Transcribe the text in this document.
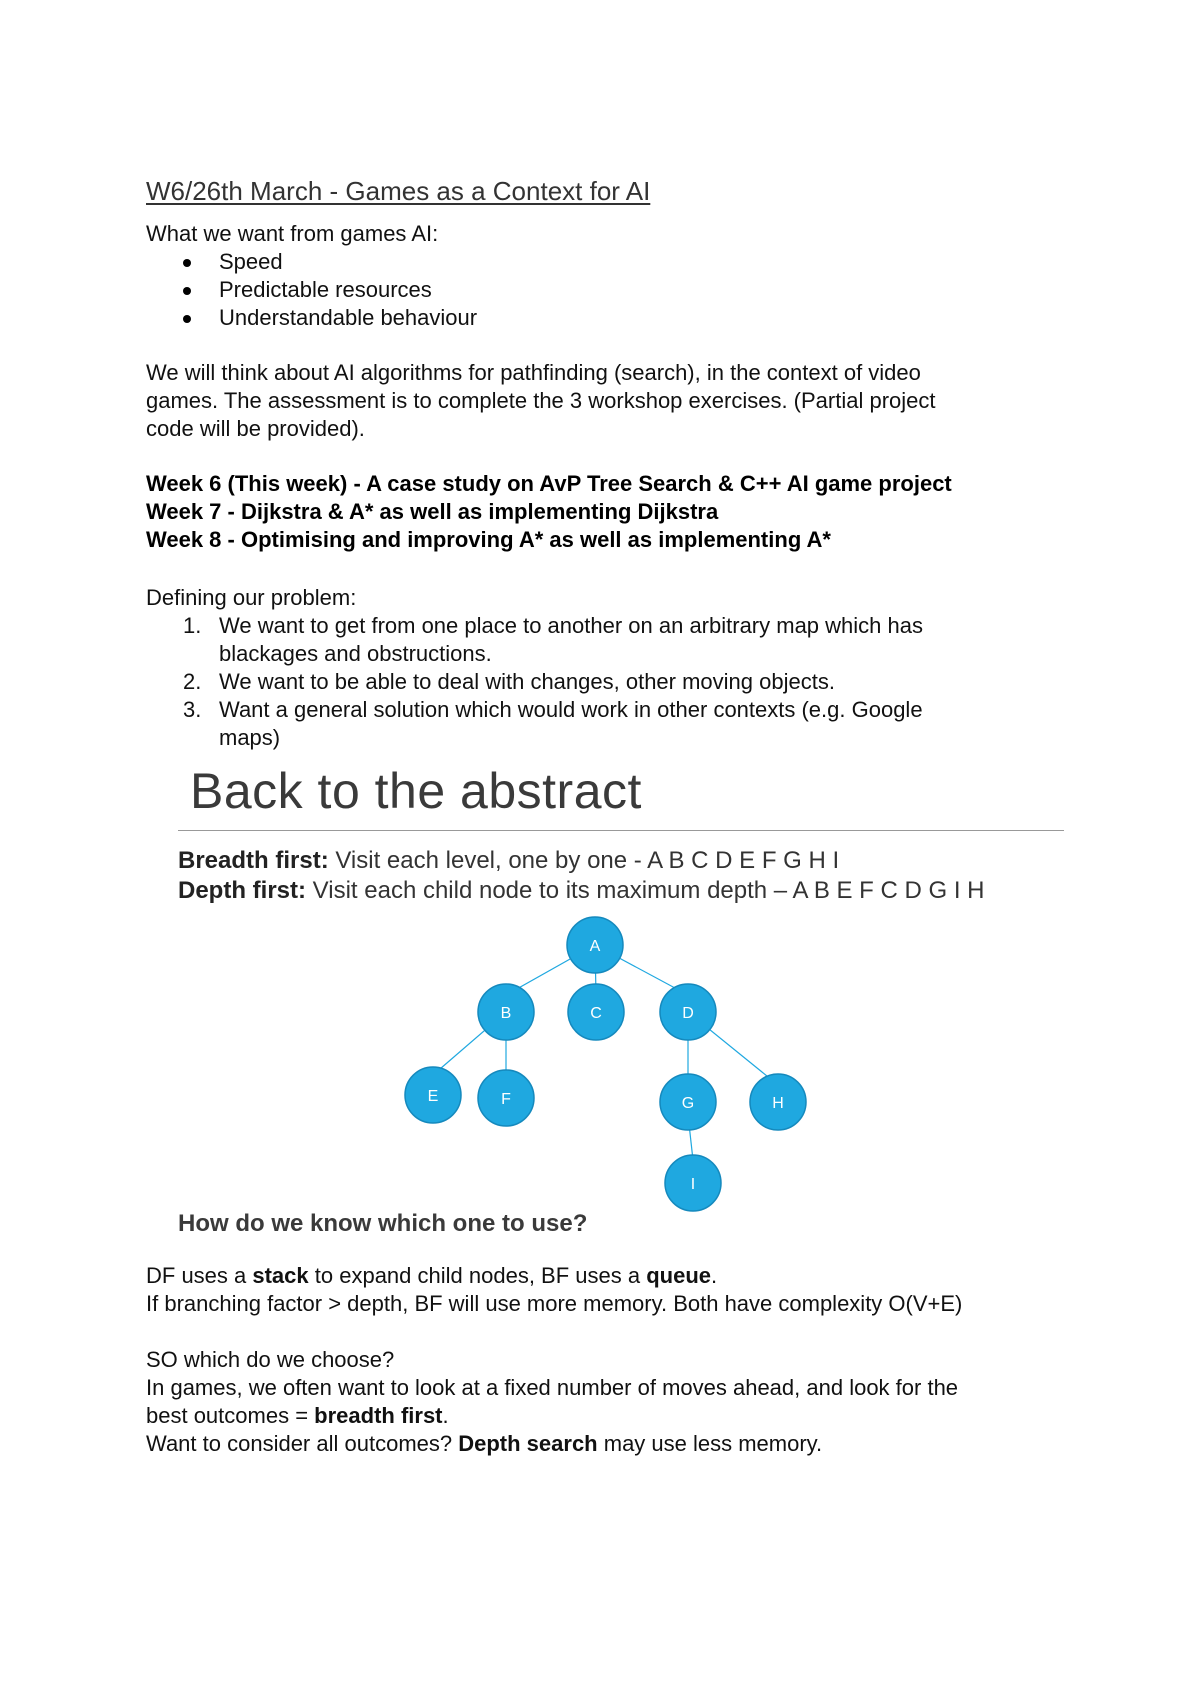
W6/26th March - Games as a Context for AI

What we want from games AI:

Speed
Predictable resources
Understandable behaviour

We will think about AI algorithms for pathfinding (search), in the context of video

games. The assessment is to complete the 3 workshop exercises. (Partial project

code will be provided).

Week 6 (This week) - A case study on AvP Tree Search & C++ AI game project

Week 7 - Dijkstra & A* as well as implementing Dijkstra

Week 8 - Optimising and improving A* as well as implementing A*

Defining our problem:

1. We want to get from one place to another on an arbitrary map which has
blackages and obstructions.
2. We want to be able to deal with changes, other moving objects.
3. Want a general solution which would work in other contexts (e.g. Google
maps)
Back to the abstract

Breadth first: Visit each level, one by one - A B C D E F G H I

Depth first: Visit each child node to its maximum depth – A B E F C D G I H

A
B	C	D
E	F	G	H
I

How do we know which one to use?

DF uses a stack to expand child nodes, BF uses a queue.

If branching factor > depth, BF will use more memory. Both have complexity O(V+E)

SO which do we choose?

In games, we often want to look at a fixed number of moves ahead, and look for the

best outcomes = breadth first.

Want to consider all outcomes? Depth search may use less memory.
